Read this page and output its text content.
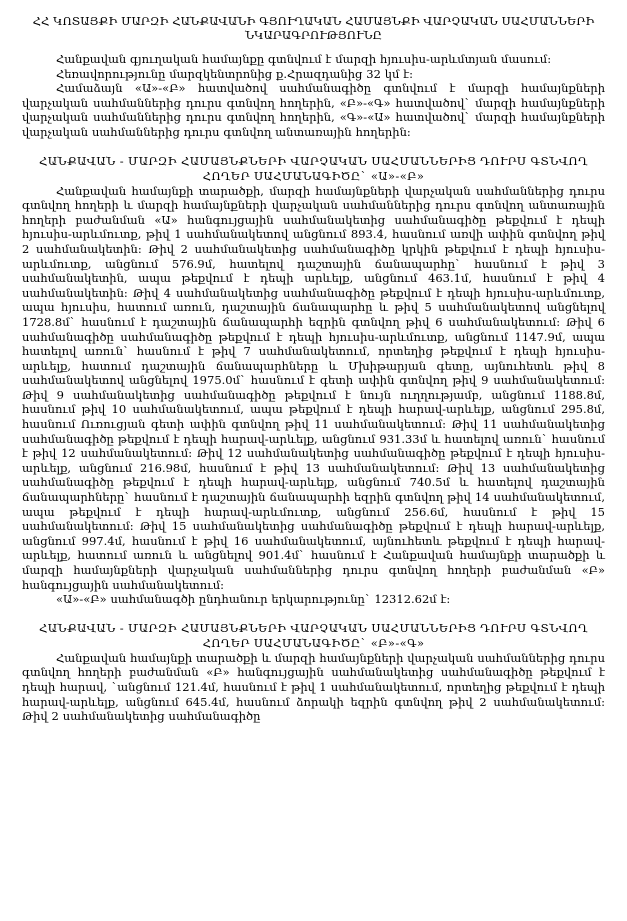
ՀՀ ԿՈՏԱՅՔԻ ՄԱՐԶԻ ՀԱՆՔԱՎԱՆԻ ԳՅՈՒՂԱԿԱՆ ՀԱՄԱՅՆՔԻ ՎԱՐՉԱԿԱՆ ՍԱՀՄԱՆՆԵՐԻ
ՆԿԱՐԱԳՐՈՒԹՅՈՒՆԸ

Հանքավան գյուղական համայնքը գտնվում է մարզի հյուսիս-արևմտյան մասում:

Հեռավորությունը մարզկենտրոնից ք.Հրազդանից 32 կմ է:

Համաձայն «Ա»-«Բ» հատվածով սահմանագիծը գտնվում է մարզի համայնքների վարչական սահմաններից դուրս գտնվող հողերին, «Բ»-«Գ» հատվածով` մարզի համայնքների վարչական սահմաններից դուրս գտնվող հողերին, «Գ»-«Ա» հատվածով` մարզի համայնքների վարչական սահմաններից դուրս գտնվող անտառային հողերին:

ՀԱՆՔԱՎԱՆ - ՄԱՐԶԻ ՀԱՄԱՅՆՔՆԵՐԻ ՎԱՐՉԱԿԱՆ ՍԱՀՄԱՆՆԵՐԻՑ ԴՈՒՐՍ ԳՏՆՎՈՂ
ՀՈՂԵՐ ՍԱՀՄԱՆԱԳԻԾԸ` «Ա»-«Բ»

Հանքավան համայնքի տարածքի, մարզի համայնքների վարչական սահմաններից դուրս գտնվող հողերի և մարզի համայնքների վարչական սահմաններից դուրս գտնվող անտառային հողերի բաժանման «Ա» հանգույցային սահմանակետից սահմանագիծը թեքվում է դեպի հյուսիս-արևմուտք, թիվ 1 սահմանակետով անցնում 893.4, հասնում առվի ափին գտնվող թիվ 2 սահմանակետին: Թիվ 2 սահմանակետից սահմանագիծը կրկին թեքվում է դեպի հյուսիս-արևմուտք, անցնում 576.9մ, հատելով դաշտային ճանապարհը` հասնում է թիվ 3 սահմանակետին, ապա թեքվում է դեպի արևելք, անցնում 463.1մ, հասնում է թիվ 4 սահմանակետին: Թիվ 4 սահմանակետից սահմանագիծը թեքվում է դեպի հյուսիս-արևմուտք, ապա հյուսիս, հատում առուն, դաշտային ճանապարհը և թիվ 5 սահմանակետով անցնելով 1728.8մ` հասնում է դաշտային ճանապարհի եզրին գտնվող թիվ 6 սահմանակետում: Թիվ 6 սահմանագիծը սահմանագիծը թեքվում է դեպի հյուսիս-արևմուտք, անցնում 1147.9մ, ապա հատելով առուն` հասնում է թիվ 7 սահմանակետում, որտեղից թեքվում է դեպի հյուսիս-արևելք, հատում դաշտային ճանապարհները և Մխիթարյան գետը, այնուհետև թիվ 8 սահմանակետով անցնելով 1975.0մ` հասնում է գետի ափին գտնվող թիվ 9 սահմանակետում: Թիվ 9 սահմանակետից սահմանագիծը թեքվում է նույն ուղղությամբ, անցնում 1188.8մ, հասնում թիվ 10 սահմանակետում, ապա թեքվում է դեպի հարավ-արևելք, անցնում 295.8մ, հասնում Ուռուցյան գետի ափին գտնվող թիվ 11 սահմանակետում: Թիվ 11 սահմանակետից սահմանագիծը թեքվում է դեպի հարավ-արևելք, անցնում 931.33մ և հատելով առուն` հասնում է թիվ 12 սահմանակետում: Թիվ 12 սահմանակետից սահմանագիծը թեքվում է դեպի հյուսիս-արևելք, անցնում 216.98մ, հասնում է թիվ 13 սահմանակետում: Թիվ 13 սահմանակետից սահմանագիծը թեքվում է դեպի հարավ-արևելք, անցնում 740.5մ և հատելով դաշտային ճանապարհները` հասնում է դաշտային ճանապարհի եզրին գտնվող թիվ 14 սահմանակետում, ապա թեքվում է դեպի հարավ-արևմուտք, անցնում 256.6մ, հասնում է թիվ 15 սահմանակետում: Թիվ 15 սահմանակետից սահմանագիծը թեքվում է դեպի հարավ-արևելք, անցնում 997.4մ, հասնում է թիվ 16 սահմանակետում, այնուհետև թեքվում է դեպի հարավ-արևելք, հատում առուն և անցնելով 901.4մ` հասնում է Հանքավան համայնքի տարածքի և մարզի համայնքների վարչական սահմաններից դուրս գտնվող հողերի բաժանման «Բ» հանգույցային սահմանակետում:

«Ա»-«Բ» սահմանագծի ընդհանուր երկարությունը` 12312.62մ է:

ՀԱՆՔԱՎԱՆ - ՄԱՐԶԻ ՀԱՄԱՅՆՔՆԵՐԻ ՎԱՐՉԱԿԱՆ ՍԱՀՄԱՆՆԵՐԻՑ ԴՈՒՐՍ ԳՏՆՎՈՂ
ՀՈՂԵՐ ՍԱՀՄԱՆԱԳԻԾԸ` «Բ»-«Գ»

Հանքավան համայնքի տարածքի և մարզի համայնքների վարչական սահմաններից դուրս գտնվող հողերի բաժանման «Բ» հանգույցային սահմանակետից սահմանագիծը թեքվում է դեպի հարավ, `անցնում 121.4մ, հասնում է թիվ 1 սահմանակետում, որտեղից թեքվում է դեպի հարավ-արևելք, անցնում 645.4մ, հասնում ձորակի եզրին գտնվող թիվ 2 սահմանակետում: Թիվ 2 սահմանակետից սահմանագիծը
